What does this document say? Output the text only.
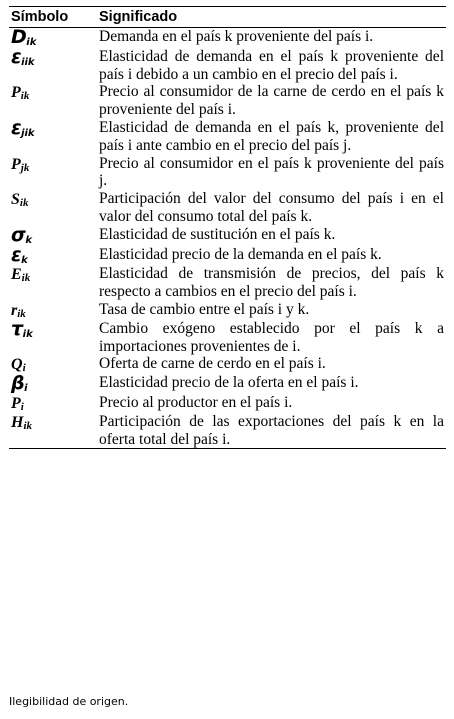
Símbolo	Significado
$D_{ik}$	Demanda en el país k proveniente del país i.
$\varepsilon_{iik}$	Elasticidad de demanda en el país k proveniente del país i debido a un cambio en el precio del país i.
$P_{ik}$	Precio al consumidor de la carne de cerdo en el país k proveniente del país i.
$\varepsilon_{jik}$	Elasticidad de demanda en el país k, proveniente del país i ante cambio en el precio del país j.
$P_{jk}$	Precio al consumidor en el país k proveniente del país j.
$S_{ik}$	Participación del valor del consumo del país i en el valor del consumo total del país k.
$\sigma_k$	Elasticidad de sustitución en el país k.
$\varepsilon_k$	Elasticidad precio de la demanda en el país k.
$E_{ik}$	Elasticidad de transmisión de precios, del país k respecto a cambios en el precio del país i.
$r_{ik}$	Tasa de cambio entre el país i y k.
$\tau_{ik}$	Cambio exógeno establecido por el país k a importaciones provenientes de i.
$Q_i$	Oferta de carne de cerdo en el país i.
$\beta_i$	Elasticidad precio de la oferta en el país i.
$P_i$	Precio al productor en el país i.
$H_{ik}$	Participación de las exportaciones del país k en la oferta total del país i.
Ilegibilidad de origen.
